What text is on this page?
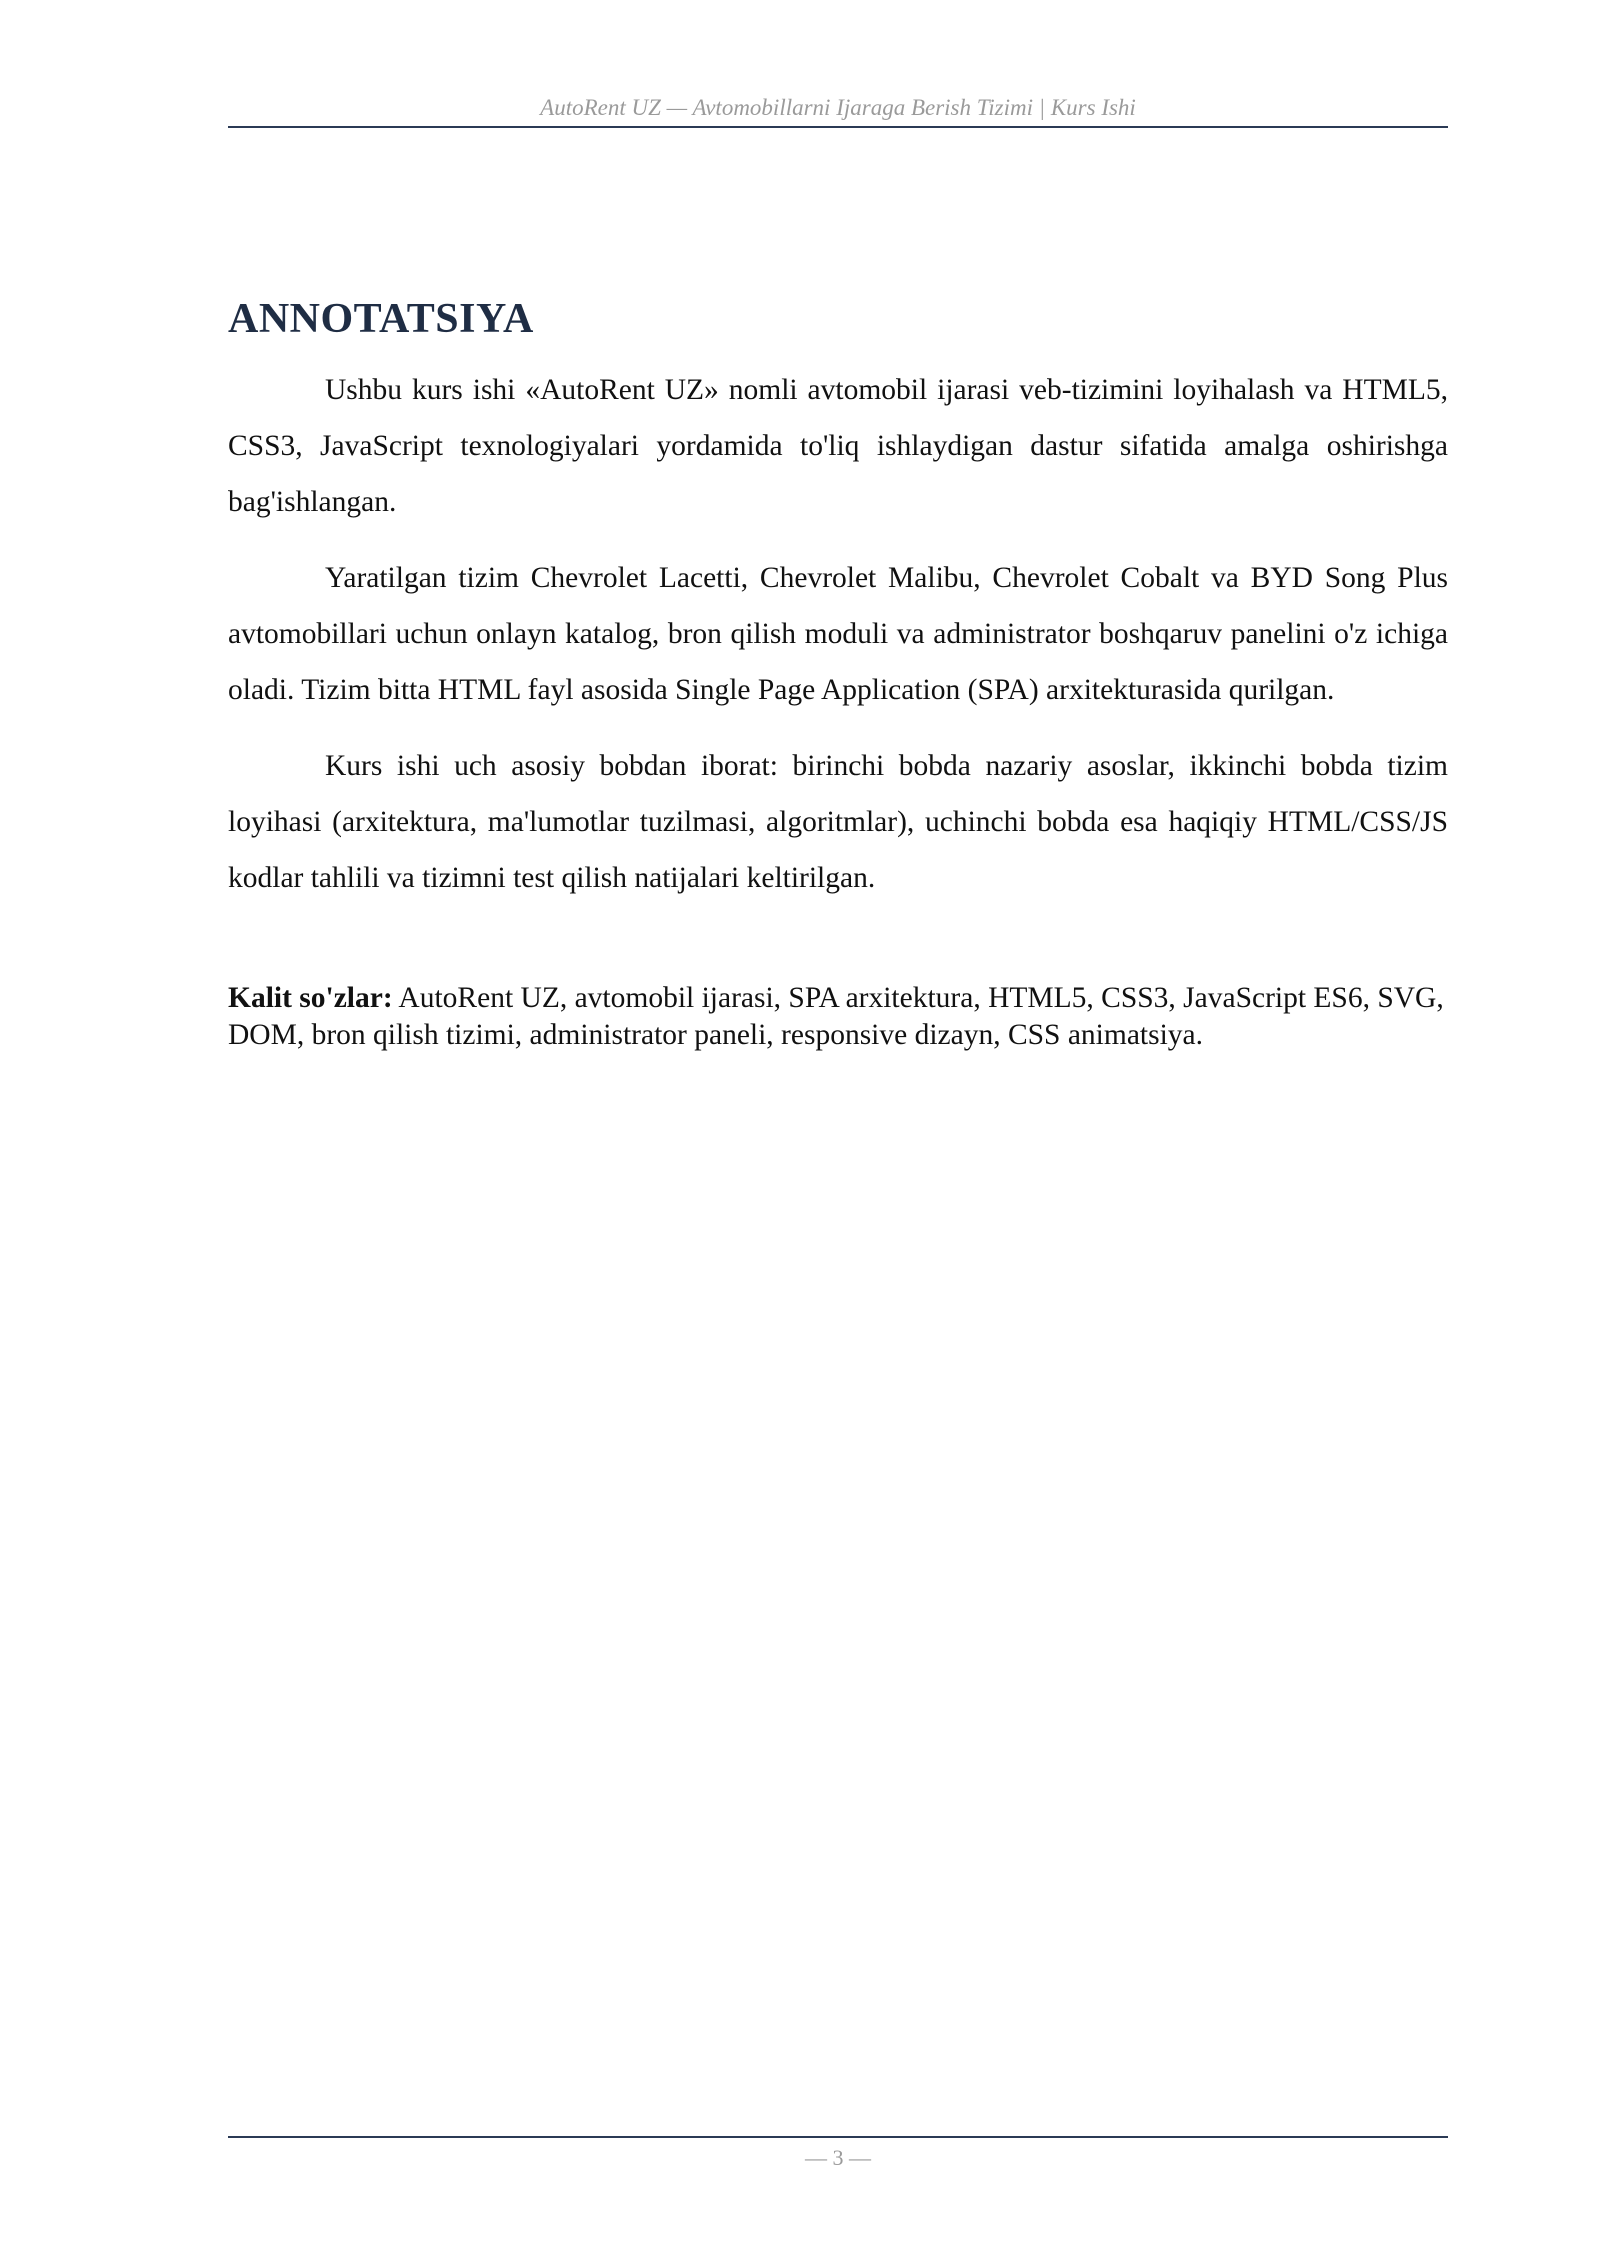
AutoRent UZ — Avtomobillarni Ijaraga Berish Tizimi | Kurs Ishi
ANNOTATSIYA

Ushbu kurs ishi «AutoRent UZ» nomli avtomobil ijarasi veb-tizimini loyihalash va HTML5, CSS3, JavaScript texnologiyalari yordamida to'liq ishlaydigan dastur sifatida amalga oshirishga bag'ishlangan.

Yaratilgan tizim Chevrolet Lacetti, Chevrolet Malibu, Chevrolet Cobalt va BYD Song Plus avtomobillari uchun onlayn katalog, bron qilish moduli va administrator boshqaruv panelini o'z ichiga oladi. Tizim bitta HTML fayl asosida Single Page Application (SPA) arxitekturasida qurilgan.

Kurs ishi uch asosiy bobdan iborat: birinchi bobda nazariy asoslar, ikkinchi bobda tizim loyihasi (arxitektura, ma'lumotlar tuzilmasi, algoritmlar), uchinchi bobda esa haqiqiy HTML/CSS/JS kodlar tahlili va tizimni test qilish natijalari keltirilgan.

Kalit so'zlar: AutoRent UZ, avtomobil ijarasi, SPA arxitektura, HTML5, CSS3, JavaScript ES6, SVG, DOM, bron qilish tizimi, administrator paneli, responsive dizayn, CSS animatsiya.
— 3 —
